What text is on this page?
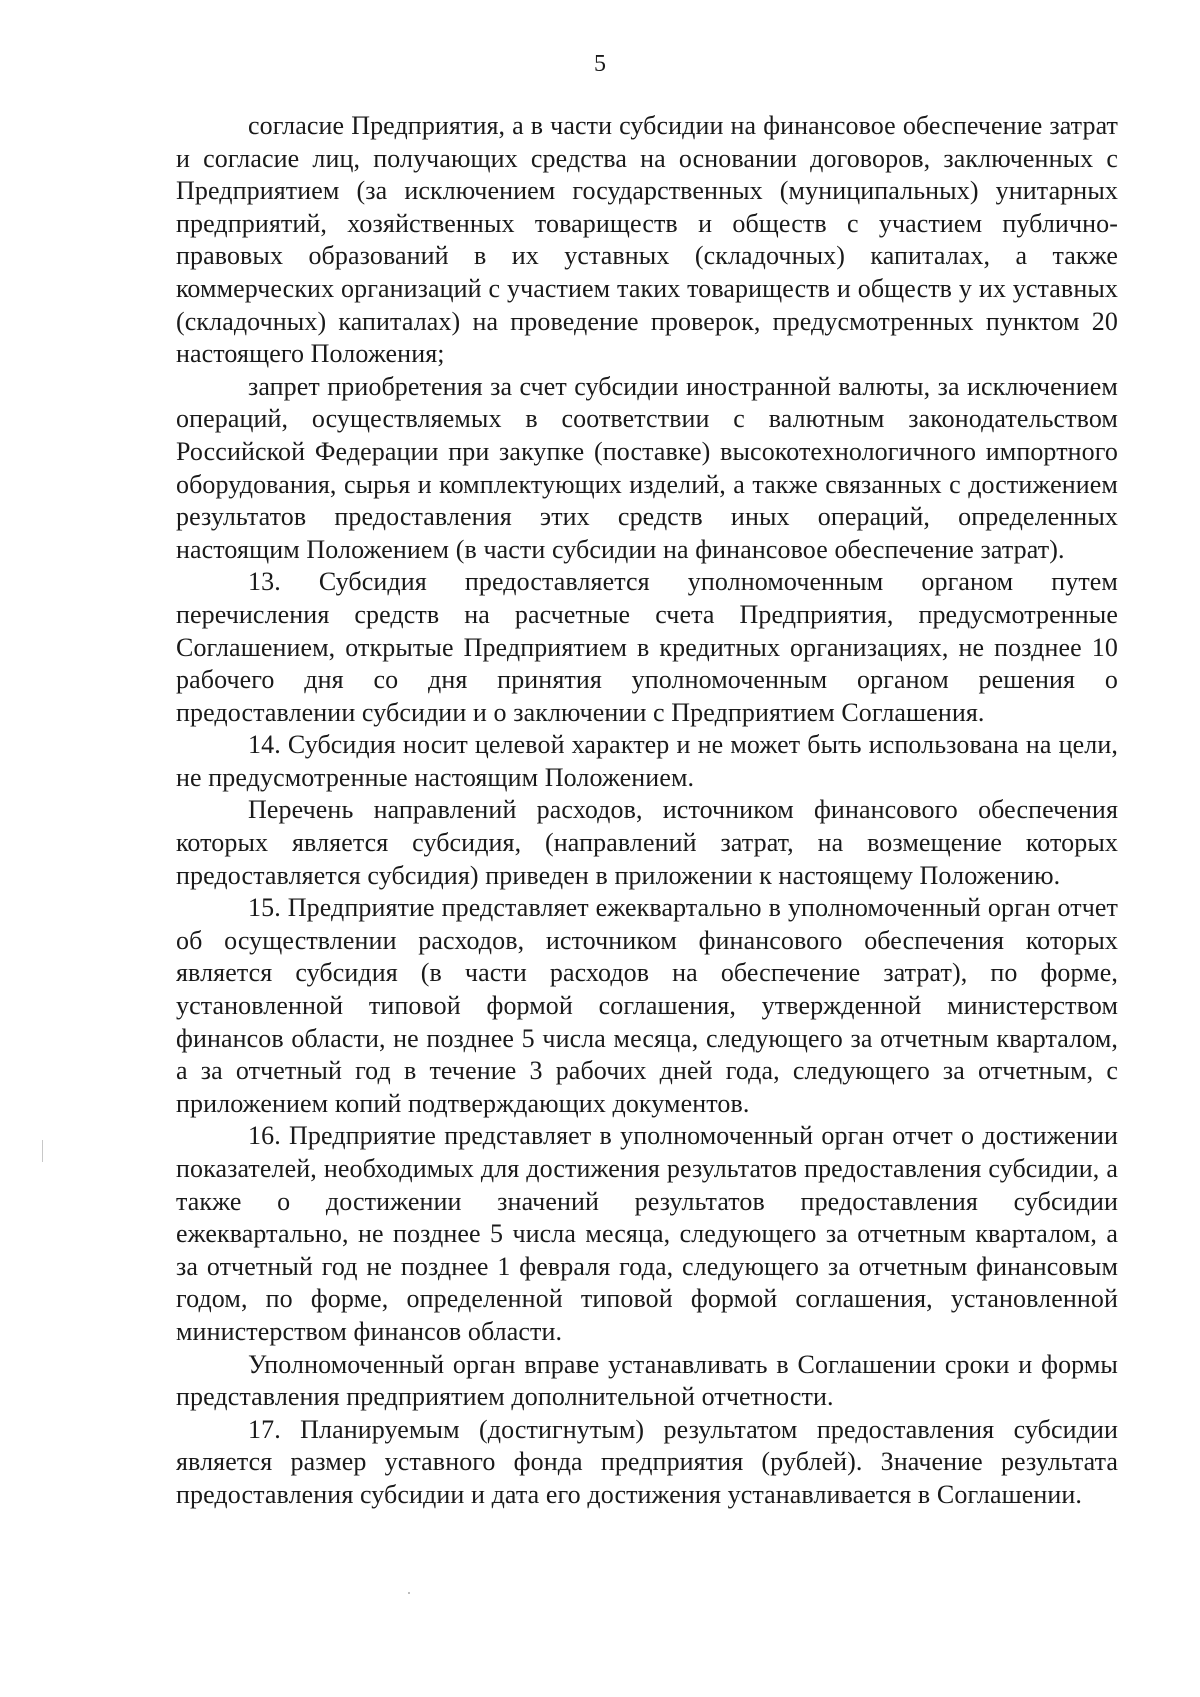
5

согласие Предприятия, а в части субсидии на финансовое обеспечение затрат и согласие лиц, получающих средства на основании договоров, заключенных с Предприятием (за исключением государственных (муниципальных) унитарных предприятий, хозяйственных товариществ и обществ с участием публично-правовых образований в их уставных (складочных) капиталах, а также коммерческих организаций с участием таких товариществ и обществ у их уставных (складочных) капиталах) на проведение проверок, предусмотренных пунктом 20 настоящего Положения;

запрет приобретения за счет субсидии иностранной валюты, за исключением операций, осуществляемых в соответствии с валютным законодательством Российской Федерации при закупке (поставке) высокотехнологичного импортного оборудования, сырья и комплектующих изделий, а также связанных с достижением результатов предоставления этих средств иных операций, определенных настоящим Положением (в части субсидии на финансовое обеспечение затрат).

13. Субсидия предоставляется уполномоченным органом путем перечисления средств на расчетные счета Предприятия, предусмотренные Соглашением, открытые Предприятием в кредитных организациях, не позднее 10 рабочего дня со дня принятия уполномоченным органом решения о предоставлении субсидии и о заключении с Предприятием Соглашения.

14. Субсидия носит целевой характер и не может быть использована на цели, не предусмотренные настоящим Положением.

Перечень направлений расходов, источником финансового обеспечения которых является субсидия, (направлений затрат, на возмещение которых предоставляется субсидия) приведен в приложении к настоящему Положению.

15. Предприятие представляет ежеквартально в уполномоченный орган отчет об осуществлении расходов, источником финансового обеспечения которых является субсидия (в части расходов на обеспечение затрат), по форме, установленной типовой формой соглашения, утвержденной министерством финансов области, не позднее 5 числа месяца, следующего за отчетным кварталом, а за отчетный год в течение 3 рабочих дней года, следующего за отчетным, с приложением копий подтверждающих документов.

16. Предприятие представляет в уполномоченный орган отчет о достижении показателей, необходимых для достижения результатов предоставления субсидии, а также о достижении значений результатов предоставления субсидии ежеквартально, не позднее 5 числа месяца, следующего за отчетным кварталом, а за отчетный год не позднее 1 февраля года, следующего за отчетным финансовым годом, по форме, определенной типовой формой соглашения, установленной министерством финансов области.

Уполномоченный орган вправе устанавливать в Соглашении сроки и формы представления предприятием дополнительной отчетности.

17. Планируемым (достигнутым) результатом предоставления субсидии является размер уставного фонда предприятия (рублей). Значение результата предоставления субсидии и дата его достижения устанавливается в Соглашении.
